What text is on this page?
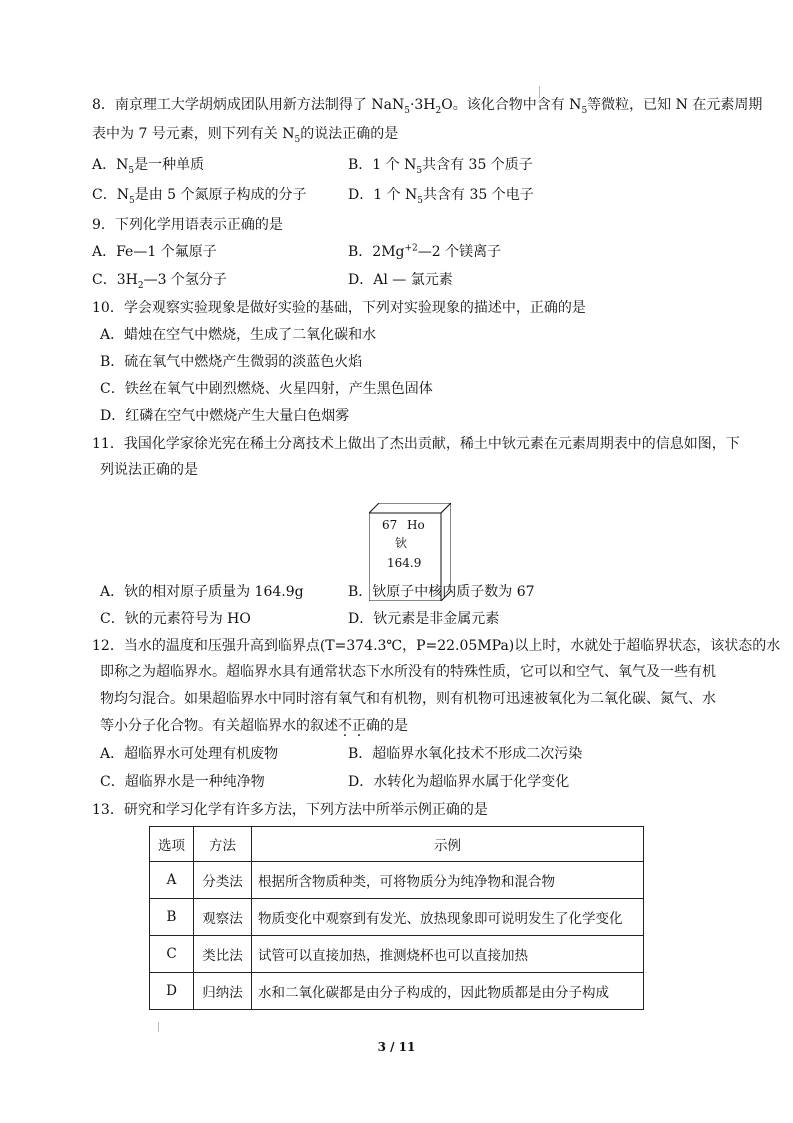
8．南京理工大学胡炳成团队用新方法制得了 $NaN_5\cdot 3H_2O$。该化合物中含有 $N_5$等微粒，已知 N 在元素周期
表中为 7 号元素，则下列有关 $N_5$的说法正确的是
A．$N_5$是一种单质	B．1 个 $N_5$共含有 35 个质子
C．$N_5$是由 5 个氮原子构成的分子	D．1 个 $N_5$共含有 35 个电子
9．下列化学用语表示正确的是
A．Fe—1 个氟原子	B．$2Mg^{+2}—2$ 个镁离子
C．$3H_2—3$ 个氢分子	D．Al — 氯元素
10．学会观察实验现象是做好实验的基础，下列对实验现象的描述中，正确的是
A．蜡烛在空气中燃烧，生成了二氧化碳和水
B．硫在氧气中燃烧产生微弱的淡蓝色火焰
C．铁丝在氧气中剧烈燃烧、火星四射，产生黑色固体
D．红磷在空气中燃烧产生大量白色烟雾
11．我国化学家徐光宪在稀土分离技术上做出了杰出贡献，稀土中钬元素在元素周期表中的信息如图，下
列说法正确的是
67 Ho
钬
164.9
A．钬的相对原子质量为 164.9g	B．钬原子中核内质子数为 67
C．钬的元素符号为 HO	D．钬元素是非金属元素
12．当水的温度和压强升高到临界点(T=374.3℃，P=22.05MPa)以上时，水就处于超临界状态，该状态的水
即称之为超临界水。超临界水具有通常状态下水所没有的特殊性质，它可以和空气、氧气及一些有机
物均匀混合。如果超临界水中同时溶有氧气和有机物，则有机物可迅速被氧化为二氧化碳、氮气、水
等小分子化合物。有关超临界水的叙述不正确的是
A．超临界水可处理有机废物	B．超临界水氧化技术不形成二次污染
C．超临界水是一种纯净物	D．水转化为超临界水属于化学变化
13．研究和学习化学有许多方法，下列方法中所举示例正确的是
选项	方法	示例
A	分类法	根据所含物质种类，可将物质分为纯净物和混合物
B	观察法	物质变化中观察到有发光、放热现象即可说明发生了化学变化
C	类比法	试管可以直接加热，推测烧杯也可以直接加热
D	归纳法	水和二氧化碳都是由分子构成的，因此物质都是由分子构成
3 / 11
